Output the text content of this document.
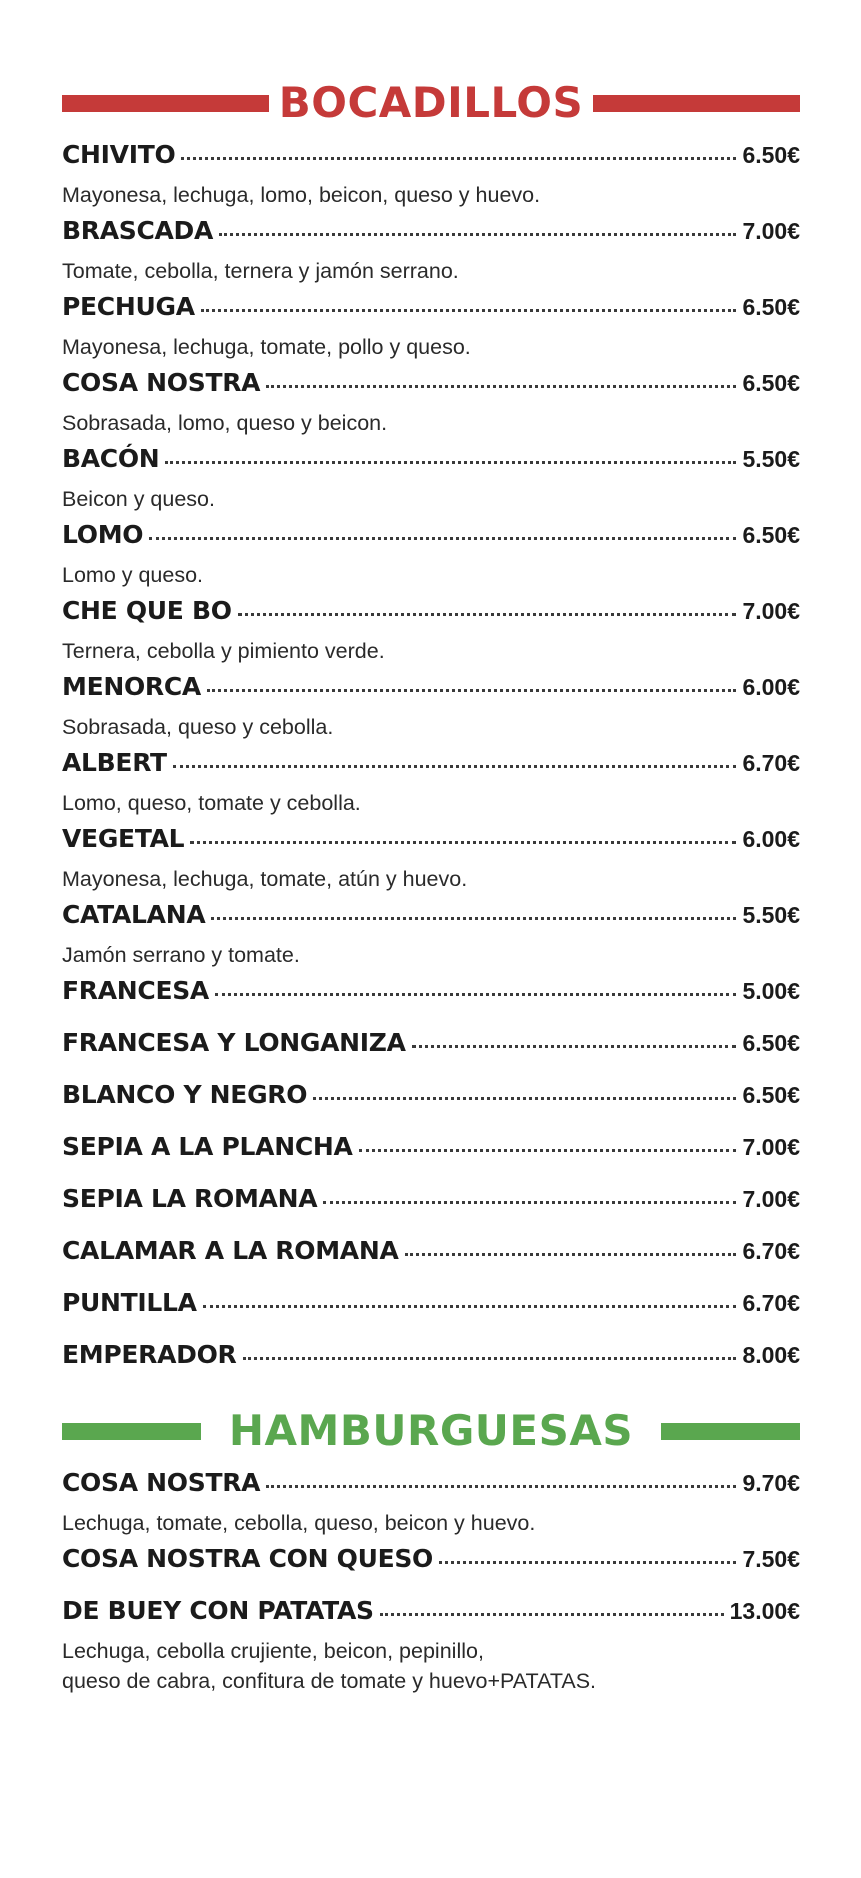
BOCADILLOS
CHIVITO	6.50€
Mayonesa, lechuga, lomo, beicon, queso y huevo.
BRASCADA	7.00€
Tomate, cebolla, ternera y jamón serrano.
PECHUGA	6.50€
Mayonesa, lechuga, tomate, pollo y queso.
COSA NOSTRA	6.50€
Sobrasada, lomo, queso y beicon.
BACÓN	5.50€
Beicon y queso.
LOMO	6.50€
Lomo y queso.
CHE QUE BO	7.00€
Ternera, cebolla y pimiento verde.
MENORCA	6.00€
Sobrasada, queso y cebolla.
ALBERT	6.70€
Lomo, queso, tomate y cebolla.
VEGETAL	6.00€
Mayonesa, lechuga, tomate, atún y huevo.
CATALANA	5.50€
Jamón serrano y tomate.
FRANCESA	5.00€
FRANCESA Y LONGANIZA	6.50€
BLANCO Y NEGRO	6.50€
SEPIA A LA PLANCHA	7.00€
SEPIA LA ROMANA	7.00€
CALAMAR A LA ROMANA	6.70€
PUNTILLA	6.70€
EMPERADOR	8.00€
HAMBURGUESAS
COSA NOSTRA	9.70€
Lechuga, tomate, cebolla, queso, beicon y huevo.
COSA NOSTRA CON QUESO	7.50€
DE BUEY CON PATATAS	13.00€
Lechuga, cebolla crujiente, beicon, pepinillo,
queso de cabra, confitura de tomate y huevo+PATATAS.
